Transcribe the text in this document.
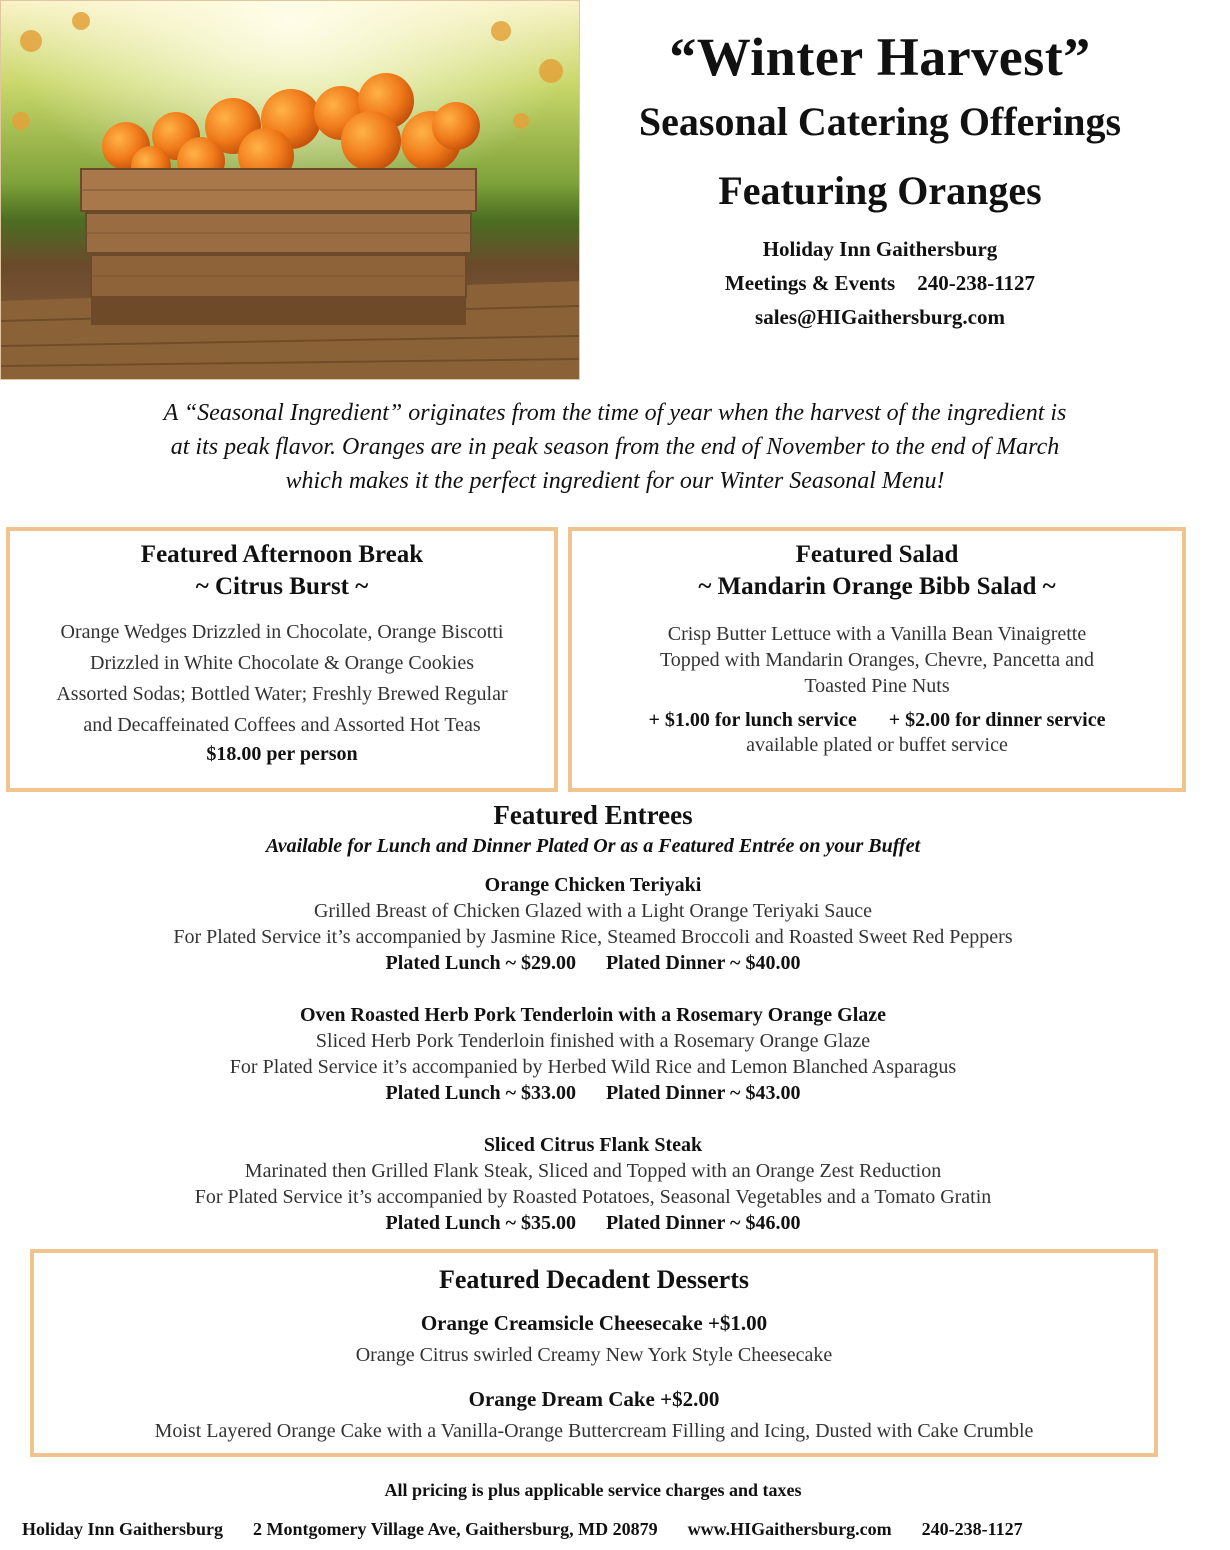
“Winter Harvest”
Seasonal Catering Offerings
Featuring Oranges
Holiday Inn Gaithersburg
Meetings & Events 240-238-1127
sales@HIGaithersburg.com
A “Seasonal Ingredient” originates from the time of year when the harvest of the ingredient is
at its peak flavor. Oranges are in peak season from the end of November to the end of March
which makes it the perfect ingredient for our Winter Seasonal Menu!
Featured Afternoon Break
~ Citrus Burst ~
Orange Wedges Drizzled in Chocolate, Orange Biscotti
Drizzled in White Chocolate & Orange Cookies
Assorted Sodas; Bottled Water; Freshly Brewed Regular
and Decaffeinated Coffees and Assorted Hot Teas
$18.00 per person
Featured Salad
~ Mandarin Orange Bibb Salad ~
Crisp Butter Lettuce with a Vanilla Bean Vinaigrette
Topped with Mandarin Oranges, Chevre, Pancetta and
Toasted Pine Nuts
+ $1.00 for lunch service + $2.00 for dinner service
available plated or buffet service
Featured Entrees
Available for Lunch and Dinner Plated Or as a Featured Entrée on your Buffet
Orange Chicken Teriyaki
Grilled Breast of Chicken Glazed with a Light Orange Teriyaki Sauce
For Plated Service it’s accompanied by Jasmine Rice, Steamed Broccoli and Roasted Sweet Red Peppers
Plated Lunch ~ $29.00 Plated Dinner ~ $40.00
Oven Roasted Herb Pork Tenderloin with a Rosemary Orange Glaze
Sliced Herb Pork Tenderloin finished with a Rosemary Orange Glaze
For Plated Service it’s accompanied by Herbed Wild Rice and Lemon Blanched Asparagus
Plated Lunch ~ $33.00 Plated Dinner ~ $43.00
Sliced Citrus Flank Steak
Marinated then Grilled Flank Steak, Sliced and Topped with an Orange Zest Reduction
For Plated Service it’s accompanied by Roasted Potatoes, Seasonal Vegetables and a Tomato Gratin
Plated Lunch ~ $35.00 Plated Dinner ~ $46.00
Featured Decadent Desserts
Orange Creamsicle Cheesecake +$1.00
Orange Citrus swirled Creamy New York Style Cheesecake
Orange Dream Cake +$2.00
Moist Layered Orange Cake with a Vanilla-Orange Buttercream Filling and Icing, Dusted with Cake Crumble
All pricing is plus applicable service charges and taxes
Holiday Inn Gaithersburg 2 Montgomery Village Ave, Gaithersburg, MD 20879 www.HIGaithersburg.com 240-238-1127
